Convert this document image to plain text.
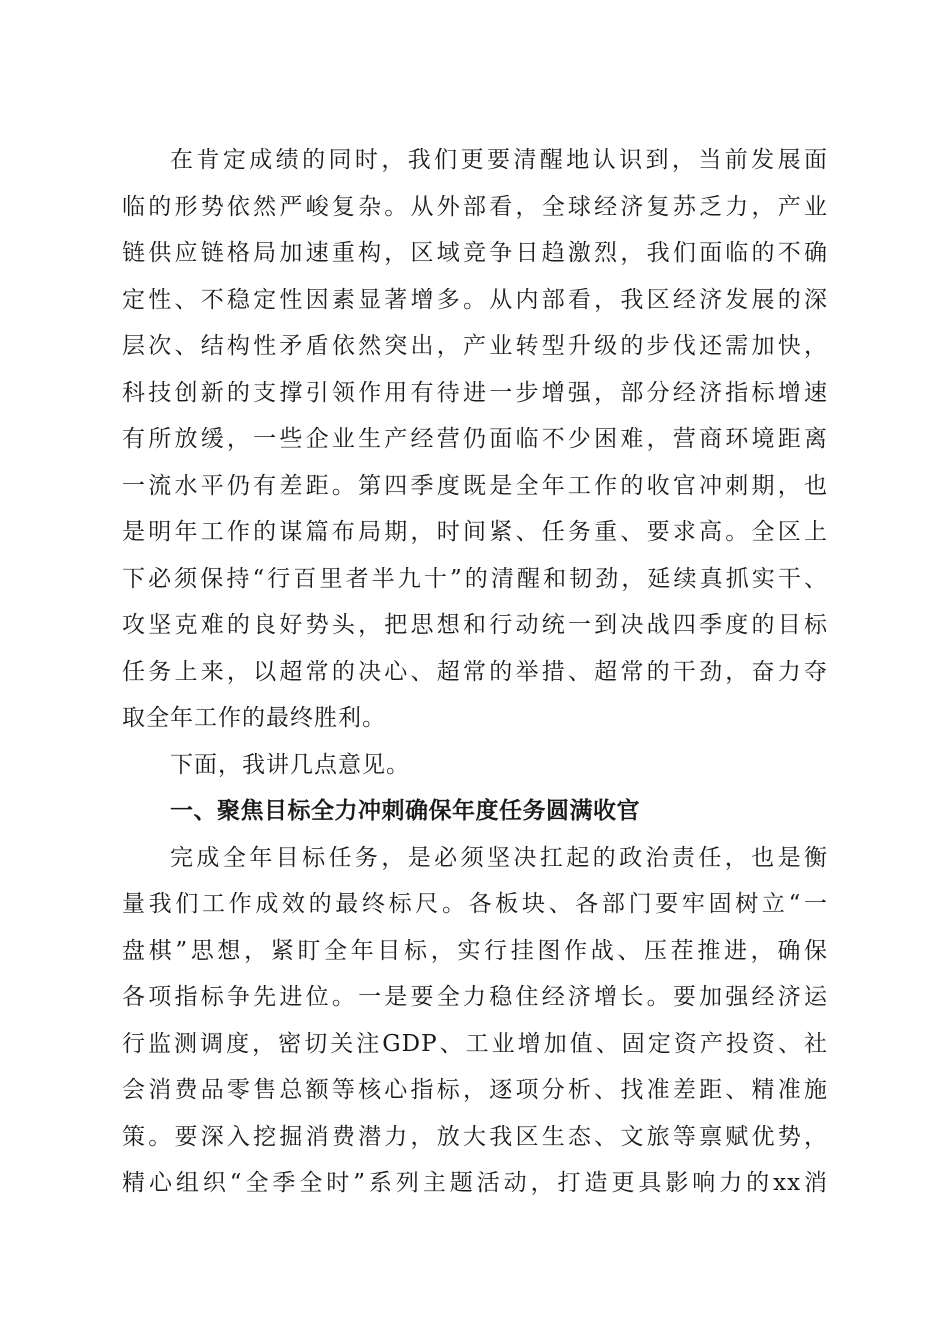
在肯定成绩的同时，我们更要清醒地认识到，当前发展面
临的形势依然严峻复杂。从外部看，全球经济复苏乏力，产业
链供应链格局加速重构，区域竞争日趋激烈，我们面临的不确
定性、不稳定性因素显著增多。从内部看，我区经济发展的深
层次、结构性矛盾依然突出，产业转型升级的步伐还需加快，
科技创新的支撑引领作用有待进一步增强，部分经济指标增速
有所放缓，一些企业生产经营仍面临不少困难，营商环境距离
一流水平仍有差距。第四季度既是全年工作的收官冲刺期，也
是明年工作的谋篇布局期，时间紧、任务重、要求高。全区上
下必须保持“行百里者半九十”的清醒和韧劲，延续真抓实干、
攻坚克难的良好势头，把思想和行动统一到决战四季度的目标
任务上来，以超常的决心、超常的举措、超常的干劲，奋力夺
取全年工作的最终胜利。
下面，我讲几点意见。
一、聚焦目标全力冲刺确保年度任务圆满收官
完成全年目标任务，是必须坚决扛起的政治责任，也是衡
量我们工作成效的最终标尺。各板块、各部门要牢固树立“一
盘棋”思想，紧盯全年目标，实行挂图作战、压茬推进，确保
各项指标争先进位。一是要全力稳住经济增长。要加强经济运
行监测调度，密切关注GDP、工业增加值、固定资产投资、社
会消费品零售总额等核心指标，逐项分析、找准差距、精准施
策。要深入挖掘消费潜力，放大我区生态、文旅等禀赋优势，
精心组织“全季全时”系列主题活动，打造更具影响力的xx消
